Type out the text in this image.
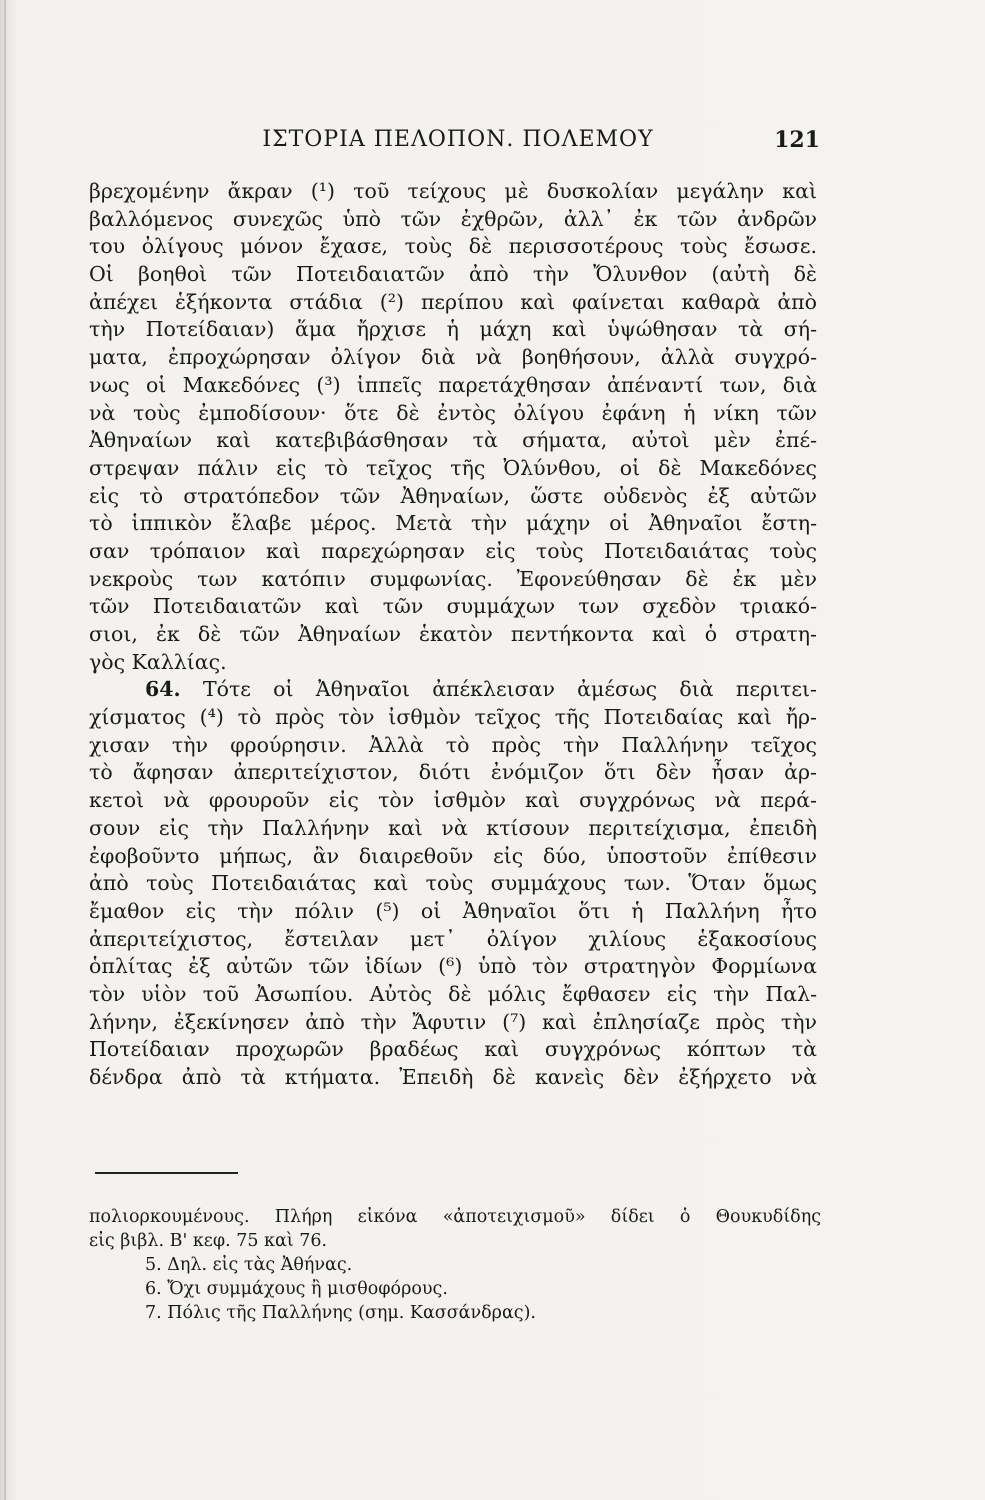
ΙΣΤΟΡΙΑ ΠΕΛΟΠΟΝ. ΠΟΛΕΜΟΥ	121
βρεχομένην ἄκραν (¹) τοῦ τείχους μὲ δυσκολίαν μεγάλην καὶ
βαλλόμενος συνεχῶς ὑπὸ τῶν ἐχθρῶν, ἀλλ᾽ ἐκ τῶν ἀνδρῶν
του ὀλίγους μόνον ἔχασε, τοὺς δὲ περισσοτέρους τοὺς ἔσωσε.
Οἱ βοηθοὶ τῶν Ποτειδαιατῶν ἀπὸ τὴν Ὄλυνθον (αὐτὴ δὲ
ἀπέχει ἑξήκοντα στάδια (²) περίπου καὶ φαίνεται καθαρὰ ἀπὸ
τὴν Ποτείδαιαν) ἅμα ἤρχισε ἡ μάχη καὶ ὑψώθησαν τὰ σή-
ματα, ἐπροχώρησαν ὀλίγον διὰ νὰ βοηθήσουν, ἀλλὰ συγχρό-
νως οἱ Μακεδόνες (³) ἱππεῖς παρετάχθησαν ἀπέναντί των, διὰ
νὰ τοὺς ἐμποδίσουν· ὅτε δὲ ἐντὸς ὀλίγου ἐφάνη ἡ νίκη τῶν
Ἀθηναίων καὶ κατεβιβάσθησαν τὰ σήματα, αὐτοὶ μὲν ἐπέ-
στρεψαν πάλιν εἰς τὸ τεῖχος τῆς Ὀλύνθου, οἱ δὲ Μακεδόνες
εἰς τὸ στρατόπεδον τῶν Ἀθηναίων, ὥστε οὐδενὸς ἐξ αὐτῶν
τὸ ἱππικὸν ἔλαβε μέρος. Μετὰ τὴν μάχην οἱ Ἀθηναῖοι ἔστη-
σαν τρόπαιον καὶ παρεχώρησαν εἰς τοὺς Ποτειδαιάτας τοὺς
νεκροὺς των κατόπιν συμφωνίας. Ἐφονεύθησαν δὲ ἐκ μὲν
τῶν Ποτειδαιατῶν καὶ τῶν συμμάχων των σχεδὸν τριακό-
σιοι, ἐκ δὲ τῶν Ἀθηναίων ἑκατὸν πεντήκοντα καὶ ὁ στρατη-
γὸς Καλλίας.
64. Τότε οἱ Ἀθηναῖοι ἀπέκλεισαν ἀμέσως διὰ περιτει-
χίσματος (⁴) τὸ πρὸς τὸν ἰσθμὸν τεῖχος τῆς Ποτειδαίας καὶ ἤρ-
χισαν τὴν φρούρησιν. Ἀλλὰ τὸ πρὸς τὴν Παλλήνην τεῖχος
τὸ ἄφησαν ἀπεριτείχιστον, διότι ἐνόμιζον ὅτι δὲν ἦσαν ἀρ-
κετοὶ νὰ φρουροῦν εἰς τὸν ἰσθμὸν καὶ συγχρόνως νὰ περά-
σουν εἰς τὴν Παλλήνην καὶ νὰ κτίσουν περιτείχισμα, ἐπειδὴ
ἐφοβοῦντο μήπως, ἂν διαιρεθοῦν εἰς δύο, ὑποστοῦν ἐπίθεσιν
ἀπὸ τοὺς Ποτειδαιάτας καὶ τοὺς συμμάχους των. Ὅταν ὅμως
ἔμαθον εἰς τὴν πόλιν (⁵) οἱ Ἀθηναῖοι ὅτι ἡ Παλλήνη ἦτο
ἀπεριτείχιστος, ἔστειλαν μετ᾽ ὀλίγον χιλίους ἑξακοσίους
ὁπλίτας ἐξ αὐτῶν τῶν ἰδίων (⁶) ὑπὸ τὸν στρατηγὸν Φορμίωνα
τὸν υἱὸν τοῦ Ἀσωπίου. Αὐτὸς δὲ μόλις ἔφθασεν εἰς τὴν Παλ-
λήνην, ἐξεκίνησεν ἀπὸ τὴν Ἄφυτιν (⁷) καὶ ἐπλησίαζε πρὸς τὴν
Ποτείδαιαν προχωρῶν βραδέως καὶ συγχρόνως κόπτων τὰ
δένδρα ἀπὸ τὰ κτήματα. Ἐπειδὴ δὲ κανεὶς δὲν ἐξήρχετο νὰ
πολιορκουμένους. Πλήρη εἰκόνα «ἀποτειχισμοῦ» δίδει ὁ Θουκυδίδης
εἰς βιβλ. Β' κεφ. 75 καὶ 76.
5. Δηλ. εἰς τὰς Ἀθήνας.
6. Ὄχι συμμάχους ἢ μισθοφόρους.
7. Πόλις τῆς Παλλήνης (σημ. Κασσάνδρας).
